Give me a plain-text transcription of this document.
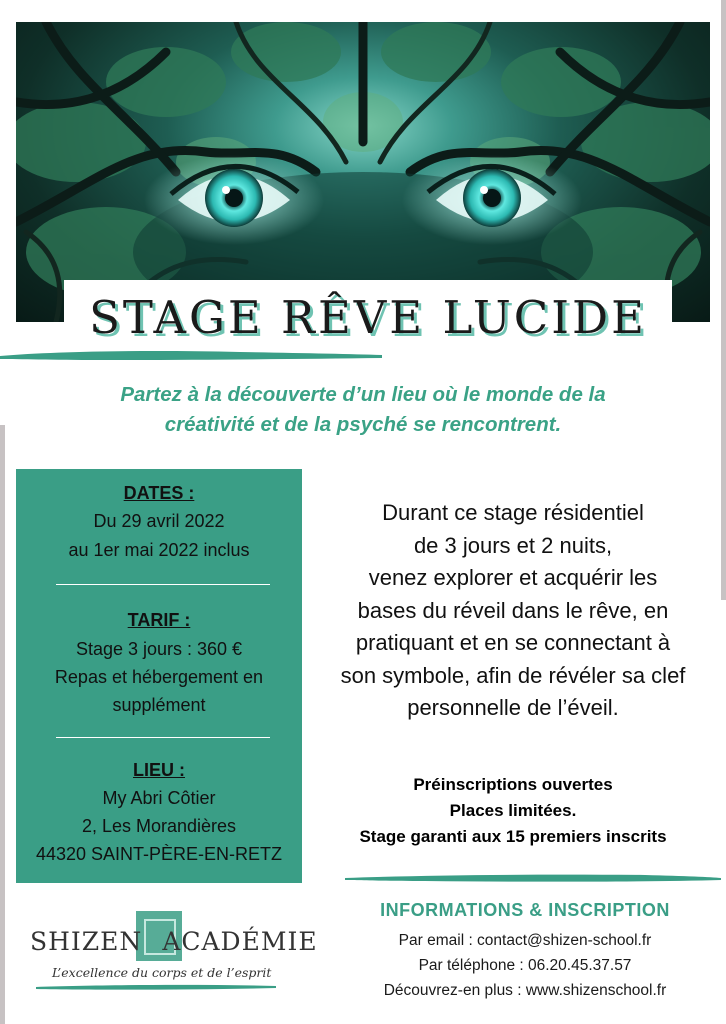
STAGE RÊVE LUCIDE

Partez à la découverte d’un lieu où le monde de la
créativité et de la psyché se rencontrent.

DATES :
Du 29 avril 2022
au 1er mai 2022 inclus
TARIF :
Stage 3 jours : 360 €
Repas et hébergement en
supplément
LIEU :
My Abri Côtier
2, Les Morandières
44320 SAINT-PÈRE-EN-RETZ

Durant ce stage résidentiel
de 3 jours et 2 nuits,
venez explorer et acquérir les
bases du réveil dans le rêve, en
pratiquant et en se connectant à
son symbole, afin de révéler sa clef
personnelle de l’éveil.

Préinscriptions ouvertes
Places limitées.
Stage garanti aux 15 premiers inscrits
INFORMATIONS & INSCRIPTION
Par email : contact@shizen-school.fr
Par téléphone : 06.20.45.37.57
Découvrez-en plus : www.shizenschool.fr
SHIZEN ACADÉMIE
L’excellence du corps et de l’esprit
